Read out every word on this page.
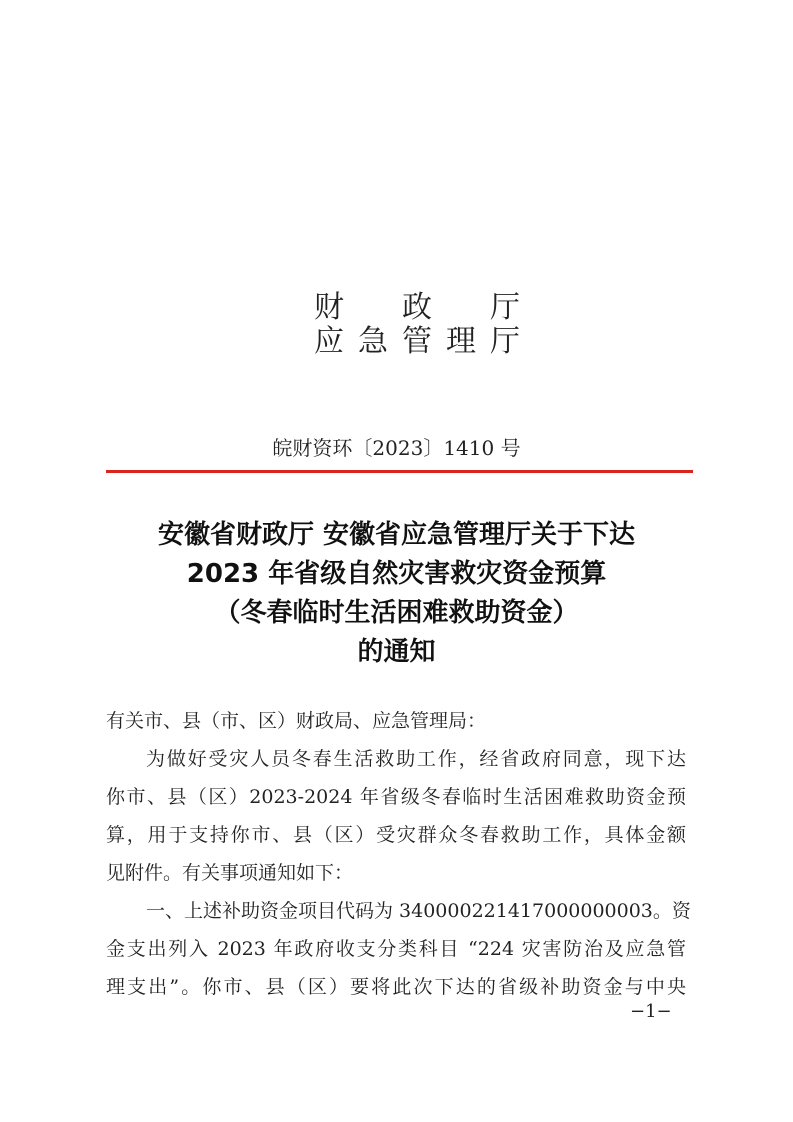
财 政 厅
应 急 管 理 厅
皖财资环〔2023〕1410 号
安徽省财政厅 安徽省应急管理厅关于下达
2023 年省级自然灾害救灾资金预算
（冬春临时生活困难救助资金）
的通知
有关市、县（市、区）财政局、应急管理局：
为做好受灾人员冬春生活救助工作，经省政府同意，现下达
你市、县（区）2023-2024 年省级冬春临时生活困难救助资金预
算，用于支持你市、县（区）受灾群众冬春救助工作，具体金额
见附件。有关事项通知如下：
一、上述补助资金项目代码为 340000221417000000003。资
金支出列入 2023 年政府收支分类科目 “224 灾害防治及应急管
理支出”。你市、县（区）要将此次下达的省级补助资金与中央
−1−
